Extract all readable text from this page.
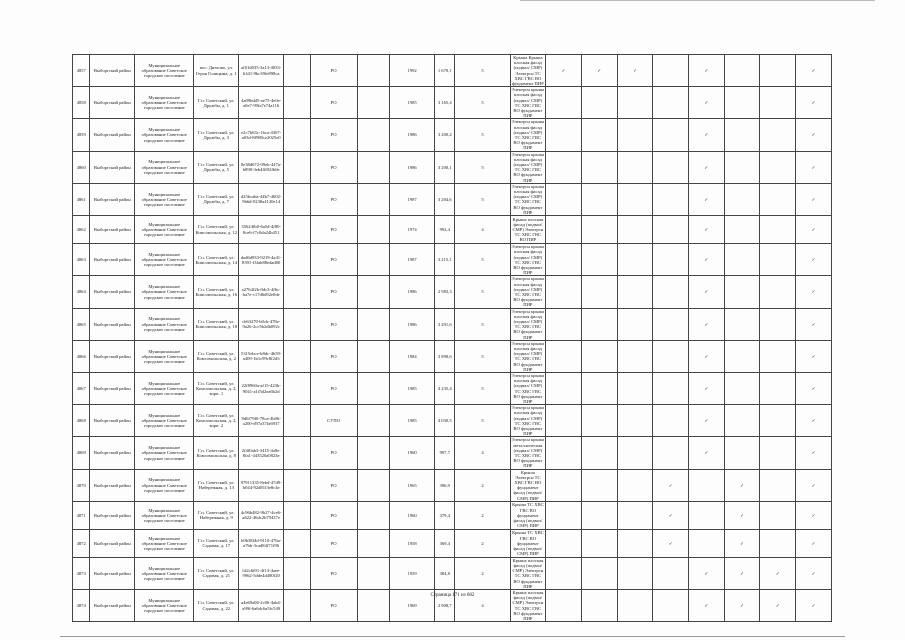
4857	Выборгский район	Муниципальное образование Советское городское поселение	пос. Дятлово, ул. Героя Голицына, д. 1	af01d035-3a13-4033-b341-9bc39fe898ca		РО		1992	1 670,1	5	Крыша Крыша плоская фасад (подвал/ СМР) Электрсн ТС ХВС ГВС ВО фундамент ПИР	✓	✓	✓		✓			✓
4858	Выборгский район	Муниципальное образование Советское городское поселение	Г.п. Советский, ул. Дружбы, д. 1	4a09bdd5-ae75-4e0e-a0e7-99fa7e74a116		РО		1985	3 165,4	5	Электрсн крыша плоская фасад (подвал/ СМР) ТС ХВС ГВС ВО фундамент ПИР					✓			✓
4859	Выборгский район	Муниципальное образование Советское городское поселение	Г.п. Советский, ул. Дружбы, д. 3	e2c7b63c-1bca-4367-a03d-8f980ce2025e0		РО		1986	3 200,2	5	Электрсн крыша плоская фасад (подвал/ СМР) ТС ХВС ГВС ВО фундамент ПИР					✓			✓
4860	Выборгский район	Муниципальное образование Советское городское поселение	Г.п. Советский, ул. Дружбы, д. 5	0e38d672-09eb-447a-b898-3eb4fff02fb0e		РО		1986	3 200,1	5	Электрсн крыша плоская фасад (подвал/ СМР) ТС ХВС ГВС ВО фундамент ПИР					✓			✓
4861	Выборгский район	Муниципальное образование Советское городское поселение	Г.п. Советский, ул. Дружбы, д. 7	d25bcaba-44b7-4602-9b6d-0238a4120e14		РО		1987	3 204,6	5	Электрсн крыша плоская фасад (подвал/ СМР) ТС ХВС ГВС ВО фундамент ПИР					✓			✓
4862	Выборгский район	Муниципальное образование Советское городское поселение	Г.п. Советский, ул. Комсомольская, д. 12	35624fb0-6a5d-4f80-8ce6-f7c0da24b451		РО		1974	992,4	4	Крыша плоская фасад (подвал/ СМР) Электрсн ТС ХВС ГВС ВО ПИР					✓			✓
4863	Выборгский район	Муниципальное образование Советское городское поселение	Г.п. Советский, ул. Комсомольская, д. 14	dad6d933-9219-4a41-8391-f3fab88edad00		РО		1987	3 215,1	5	Электрсн крыша плоская фасад (подвал/ СМР) ТС ХВС ГВС ВО фундамент ПИР					✓			✓
4864	Выборгский район	Муниципальное образование Советское городское поселение	Г.п. Советский, ул. Комсомольская, д. 16	a2764f2b-0dc3-4f6c-ba7e-c17d6d92e0de		РО		1986	2 983,3	5	Электрсн крыша плоская фасад (подвал/ СМР) ТС ХВС ГВС ВО фундамент ПИР					✓			✓
4865	Выборгский район	Муниципальное образование Советское городское поселение	Г.п. Советский, ул. Комсомольская, д. 18	cb63270-b0cb-478e-9a26-2cc5b2db092c		РО		1986	3 291,6	5	Электрсн крыша плоская фасад (подвал/ СМР) ТС ХВС ГВС ВО фундамент ПИР					✓			✓
4866	Выборгский район	Муниципальное образование Советское городское поселение	Г.п. Советский, ул. Комсомольская, д. 2	5315ebce-b8dc-4b59-a409-1b1c99c8f2d3		РО		1984	3 898,6	5	Электрсн крыша плоская фасад (подвал/ СМР) ТС ХВС ГВС ВО фундамент ПИР					✓			✓
4867	Выборгский район	Муниципальное образование Советское городское поселение	Г.п. Советский, ул. Комсомольская, д. 2, корп. 1	22f8960a-af15-423b-9041-a1f5d2ea6b2d		РО		1985	4 235,4	5	Электрсн крыша плоская фасад (подвал/ СМР) ТС ХВС ГВС ВО фундамент ПИР					✓			✓
4868	Выборгский район	Муниципальное образование Советское городское поселение	Г.п. Советский, ул. Комсомольская, д. 2, корп. 2	8d6f79f0-78ca-4b06-a200-d97a37fa6937		СУПО		1985	4 030,5	5	Электрсн крыша плоская фасад (подвал/ СМР) ТС ХВС ГВС ВО фундамент ПИР					✓			✓
4869	Выборгский район	Муниципальное образование Советское городское поселение	Г.п. Советский, ул. Комсомольская, д. 8	2f4f0ab3-3415-4a8e-8fa1-443520a0824e		РО		1960	997,7	4	Электрсн крыша металлическая (подвал/ СМР) ТС ХВС ГВС ВО фундамент ПИР					✓			✓
4870	Выборгский район	Муниципальное образование Советское городское поселение	Г.п. Советский, ул. Набережная, д. 13	97911335-8ebd-47d9-b044-92d81f3e8c4e		РО		1965	396,9	2	Крыша Электрсн ТС ХВС ГВС ВО фундамент фасад (подвал/ СМР) ПИР				✓		✓		✓
4871	Выборгский район	Муниципальное образование Советское городское поселение	Г.п. Советский, ул. Набережная, д. 9	4c96b482-9b27-4ce6-a622-46dc2b79437e		РО		1960	379,4	2	Крыша ТС ХВС ГВС ВО фундамент фасад (подвал/ СМР) ПИР				✓		✓		✓
4872	Выборгский район	Муниципальное образование Советское городское поселение	Г.п. Советский, ул. Садовая, д. 17	b9b38f4d-9110-476a-a7bb-3cad84f71f96		РО		1958	369,4	2	Крыша ТС ХВС ГВС ВО фундамент фасад (подвал/ СМР) ПИР				✓		✓		✓
4873	Выборгский район	Муниципальное образование Советское городское поселение	Г.п. Советский, ул. Садовая, д. 21	1d2c6f01-4f13-4aee-9962-5dde4d480f20		РО		1959	384,8	2	Крыша плоская фасад (подвал/ СМР) Электрсн ТС ХВС ГВС ВО фундамент ПИР					✓	✓	✓	✓
4874	Выборгский район	Муниципальное образование Советское городское поселение	Г.п. Советский, ул. Садовая, д. 22	a4e69a06-2c06-4ab4-a99f-6a6dc6a5fc549		РО		1969	2 908,7	4	Крыша плоская фасад (подвал/ СМР) Электрсн ТС ХВС ГВС ВО фундамент ПИР					✓	✓	✓	✓
Страница 171 из 682
